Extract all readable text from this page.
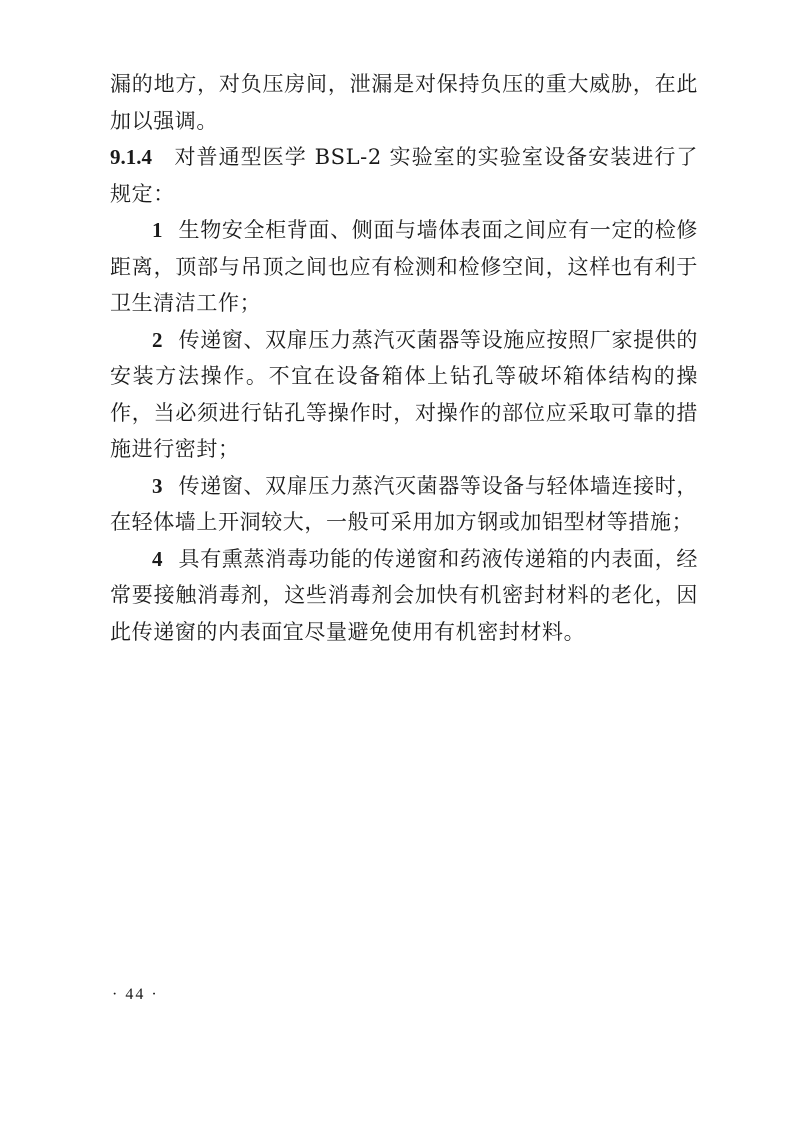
漏的地方，对负压房间，泄漏是对保持负压的重大威胁，在此加以强调。

9.1.4 对普通型医学 BSL-2 实验室的实验室设备安装进行了规定：

1 生物安全柜背面、侧面与墙体表面之间应有一定的检修距离，顶部与吊顶之间也应有检测和检修空间，这样也有利于卫生清洁工作；

2 传递窗、双扉压力蒸汽灭菌器等设施应按照厂家提供的安装方法操作。不宜在设备箱体上钻孔等破坏箱体结构的操作，当必须进行钻孔等操作时，对操作的部位应采取可靠的措施进行密封；

3 传递窗、双扉压力蒸汽灭菌器等设备与轻体墙连接时，在轻体墙上开洞较大，一般可采用加方钢或加铝型材等措施；

4 具有熏蒸消毒功能的传递窗和药液传递箱的内表面，经常要接触消毒剂，这些消毒剂会加快有机密封材料的老化，因此传递窗的内表面宜尽量避免使用有机密封材料。

· 44 ·
